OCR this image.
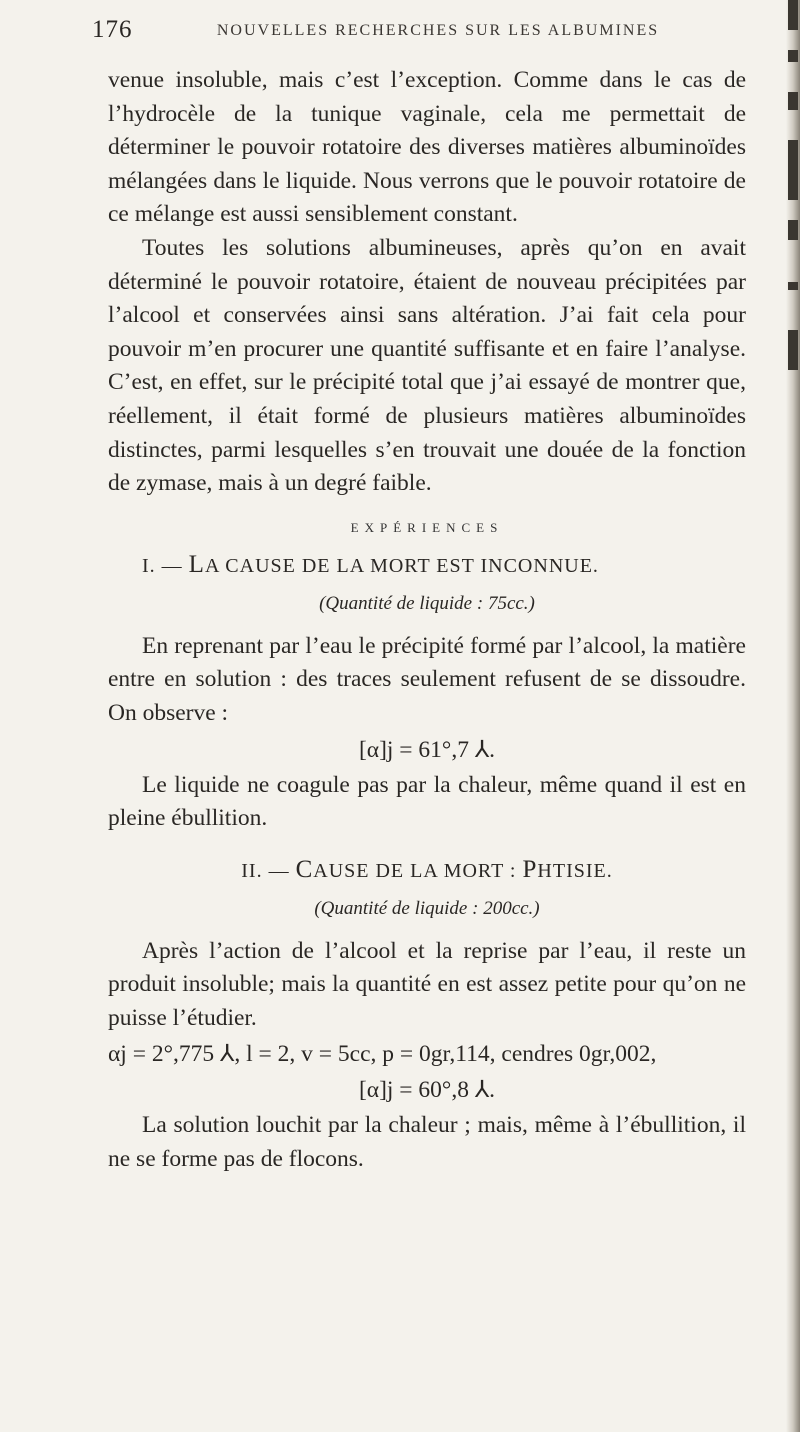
176	NOUVELLES RECHERCHES SUR LES ALBUMINES

venue insoluble, mais c’est l’exception. Comme dans le cas de l’hydrocèle de la tunique vaginale, cela me permettait de déterminer le pouvoir rotatoire des diverses matières albuminoïdes mélangées dans le liquide. Nous verrons que le pouvoir rotatoire de ce mélange est aussi sensiblement constant.

Toutes les solutions albumineuses, après qu’on en avait déterminé le pouvoir rotatoire, étaient de nouveau précipitées par l’alcool et conservées ainsi sans altération. J’ai fait cela pour pouvoir m’en procurer une quantité suffisante et en faire l’analyse. C’est, en effet, sur le précipité total que j’ai essayé de montrer que, réellement, il était formé de plusieurs matières albuminoïdes distinctes, parmi lesquelles s’en trouvait une douée de la fonction de zymase, mais à un degré faible.

EXPÉRIENCES
I. — LA CAUSE DE LA MORT EST INCONNUE.
(Quantité de liquide : 75cc.)

En reprenant par l’eau le précipité formé par l’alcool, la matière entre en solution : des traces seulement refusent de se dissoudre. On observe :

[α]j = 61°,7 ⅄.

Le liquide ne coagule pas par la chaleur, même quand il est en pleine ébullition.

II. — CAUSE DE LA MORT : PHTISIE.
(Quantité de liquide : 200cc.)

Après l’action de l’alcool et la reprise par l’eau, il reste un produit insoluble; mais la quantité en est assez petite pour qu’on ne puisse l’étudier.

αj = 2°,775 ⅄, l = 2, v = 5cc, p = 0gr,114, cendres 0gr,002,
[α]j = 60°,8 ⅄.

La solution louchit par la chaleur ; mais, même à l’ébullition, il ne se forme pas de flocons.
